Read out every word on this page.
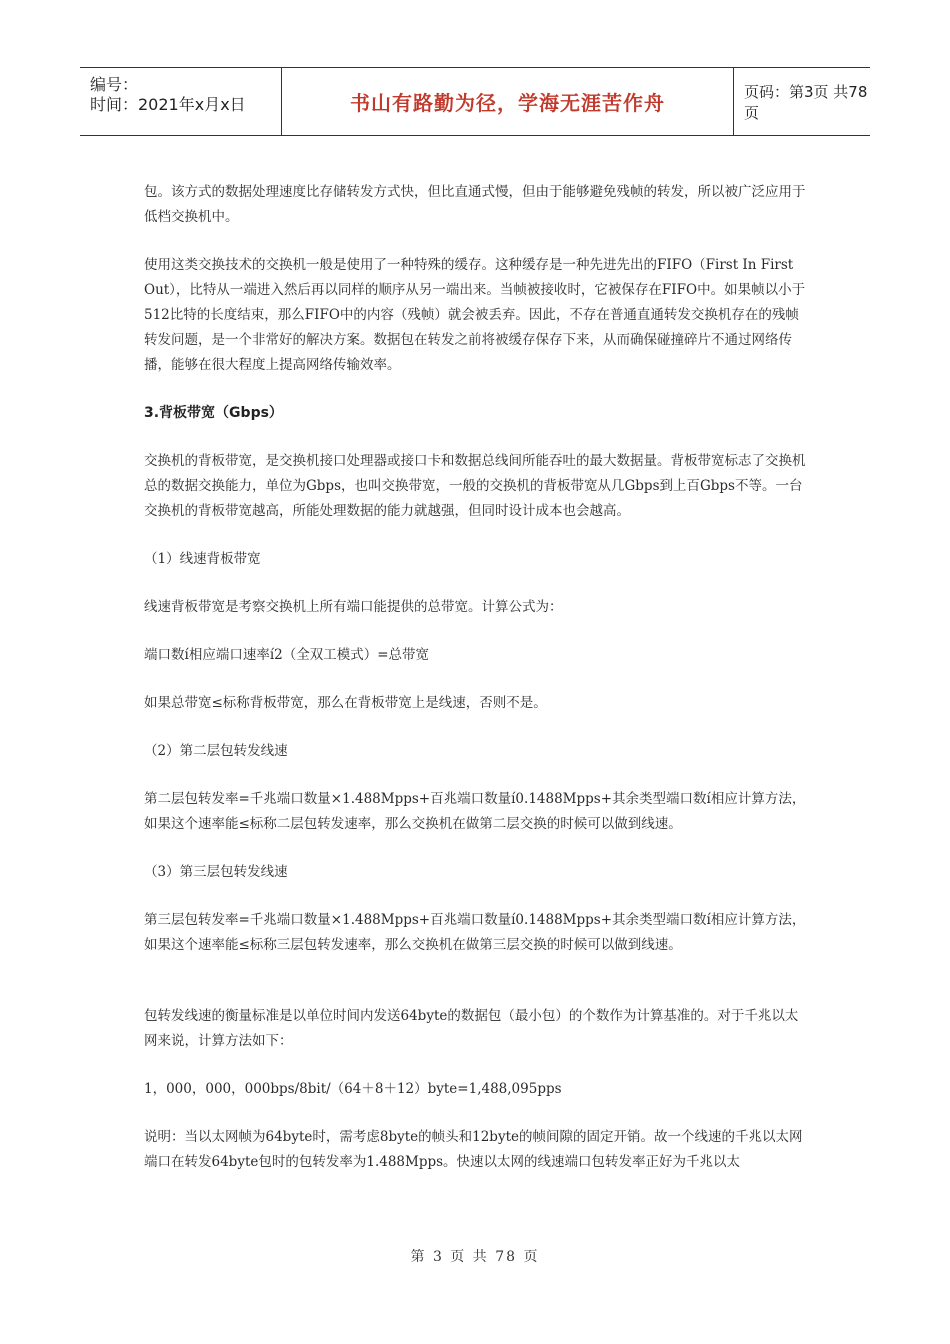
编号：
时间：2021年x月x日	书山有路勤为径，学海无涯苦作舟	页码：第3页 共78页

包。该方式的数据处理速度比存储转发方式快，但比直通式慢，但由于能够避免残帧的转发，所以被广泛应用于低档交换机中。

使用这类交换技术的交换机一般是使用了一种特殊的缓存。这种缓存是一种先进先出的FIFO（First In First Out），比特从一端进入然后再以同样的顺序从另一端出来。当帧被接收时，它被保存在FIFO中。如果帧以小于512比特的长度结束，那么FIFO中的内容（残帧）就会被丢弃。因此，不存在普通直通转发交换机存在的残帧转发问题，是一个非常好的解决方案。数据包在转发之前将被缓存保存下来，从而确保碰撞碎片不通过网络传播，能够在很大程度上提高网络传输效率。

3.背板带宽（Gbps）

交换机的背板带宽，是交换机接口处理器或接口卡和数据总线间所能吞吐的最大数据量。背板带宽标志了交换机总的数据交换能力，单位为Gbps，也叫交换带宽，一般的交换机的背板带宽从几Gbps到上百Gbps不等。一台交换机的背板带宽越高，所能处理数据的能力就越强，但同时设计成本也会越高。

（1）线速背板带宽

线速背板带宽是考察交换机上所有端口能提供的总带宽。计算公式为：

端口数í相应端口速率í2（全双工模式）=总带宽

如果总带宽≤标称背板带宽，那么在背板带宽上是线速，否则不是。

（2）第二层包转发线速

第二层包转发率=千兆端口数量×1.488Mpps+百兆端口数量í0.1488Mpps+其余类型端口数í相应计算方法，如果这个速率能≤标称二层包转发速率，那么交换机在做第二层交换的时候可以做到线速。

（3）第三层包转发线速

第三层包转发率=千兆端口数量×1.488Mpps+百兆端口数量í0.1488Mpps+其余类型端口数í相应计算方法，如果这个速率能≤标称三层包转发速率，那么交换机在做第三层交换的时候可以做到线速。

包转发线速的衡量标准是以单位时间内发送64byte的数据包（最小包）的个数作为计算基准的。对于千兆以太网来说，计算方法如下：

1，000，000，000bps/8bit/（64＋8＋12）byte=1,488,095pps

说明：当以太网帧为64byte时，需考虑8byte的帧头和12byte的帧间隙的固定开销。故一个线速的千兆以太网端口在转发64byte包时的包转发率为1.488Mpps。快速以太网的线速端口包转发率正好为千兆以太

第 3 页 共 78 页
